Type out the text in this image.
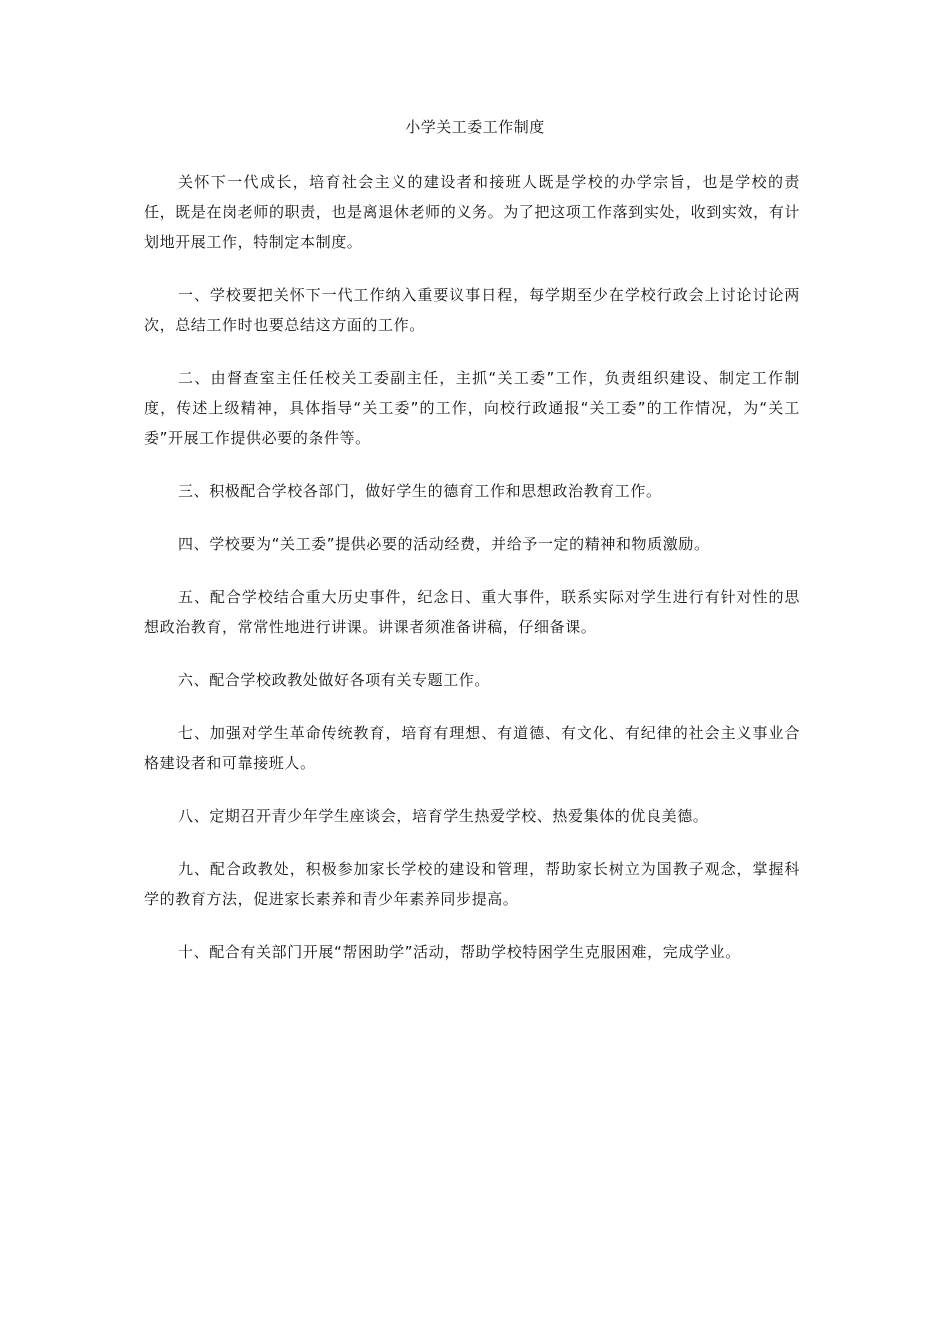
小学关工委工作制度

关怀下一代成长，培育社会主义的建设者和接班人既是学校的办学宗旨，也是学校的责任，既是在岗老师的职责，也是离退休老师的义务。为了把这项工作落到实处，收到实效，有计划地开展工作，特制定本制度。

一、学校要把关怀下一代工作纳入重要议事日程，每学期至少在学校行政会上讨论讨论两次，总结工作时也要总结这方面的工作。

二、由督查室主任任校关工委副主任，主抓“关工委”工作，负责组织建设、制定工作制度，传述上级精神，具体指导“关工委”的工作，向校行政通报“关工委”的工作情况，为“关工委”开展工作提供必要的条件等。

三、积极配合学校各部门，做好学生的德育工作和思想政治教育工作。

四、学校要为“关工委”提供必要的活动经费，并给予一定的精神和物质激励。

五、配合学校结合重大历史事件，纪念日、重大事件，联系实际对学生进行有针对性的思想政治教育，常常性地进行讲课。讲课者须准备讲稿，仔细备课。

六、配合学校政教处做好各项有关专题工作。

七、加强对学生革命传统教育，培育有理想、有道德、有文化、有纪律的社会主义事业合格建设者和可靠接班人。

八、定期召开青少年学生座谈会，培育学生热爱学校、热爱集体的优良美德。

九、配合政教处，积极参加家长学校的建设和管理，帮助家长树立为国教子观念，掌握科学的教育方法，促进家长素养和青少年素养同步提高。

十、配合有关部门开展“帮困助学”活动，帮助学校特困学生克服困难，完成学业。
